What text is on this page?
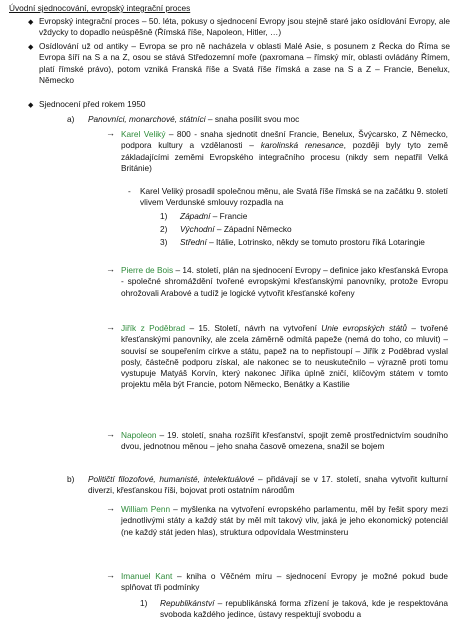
Úvodní sjednocování, evropský integrační proces
◆ Evropský integrační proces – 50. léta, pokusy o sjednocení Evropy jsou stejně staré jako osídlování Evropy, ale vždycky to dopadlo neúspěšně (Římská říše, Napoleon, Hitler, …)
◆ Osídlování už od antiky – Evropa se pro ně nacházela v oblasti Malé Asie, s posunem z Řecka do Říma se Evropa šíří na S a na Z, osou se stává Středozemní moře (paxromana – římský mír, oblasti ovládány Římem, platí římské právo), potom vzniká Franská říše a Svatá říše římská a zase na S a Z – Francie, Benelux, Německo
◆ Sjednocení před rokem 1950
a) Panovníci, monarchové, státníci – snaha posílit svou moc
→ Karel Veliký – 800 - snaha sjednotit dnešní Francie, Benelux, Švýcarsko, Z Německo, podpora kultury a vzdělanosti – karolinská renesance, později byly tyto země základajícími zeměmi Evropského integračního procesu (nikdy sem nepatřil Velká Británie)
- Karel Veliký prosadil společnou měnu, ale Svatá říše římská se na začátku 9. století vlivem Verdunské smlouvy rozpadla na
1) Západní – Francie
2) Východní – Západní Německo
3) Střední – Itálie, Lotrinsko, někdy se tomuto prostoru říká Lotaringie
→ Pierre de Bois – 14. století, plán na sjednocení Evropy – definice jako křesťanská Evropa - společné shromáždění tvořené evropskými křesťanskými panovníky, protože Evropu ohrožovali Arabové a tudíž je logické vytvořit křesťanské kořeny
→ Jiřík z Poděbrad – 15. Století, návrh na vytvoření Unie evropských států – tvořené křesťanskými panovníky, ale zcela záměrně odmítá papeže (nemá do toho, co mluvit) – souvisí se soupeřením církve a státu, papež na to nepřistoupí – Jiřík z Poděbrad vyslal posly, částečně podporu získal, ale nakonec se to neuskutečnilo – výrazně proti tomu vystupuje Matyáš Korvín, který nakonec Jiříka úplně zničí, klíčovým státem v tomto projektu měla být Francie, potom Německo, Benátky a Kastilie
→ Napoleon – 19. století, snaha rozšířit křesťanství, spojit země prostřednictvím soudního dvou, jednotnou měnou – jeho snaha časově omezena, snažil se bojem
b) Političtí filozofové, humanisté, intelektuálové – přidávají se v 17. století, snaha vytvořit kulturní diverzi, křesťanskou říši, bojovat proti ostatním národům
→ William Penn – myšlenka na vytvoření evropského parlamentu, měl by řešit spory mezi jednotlivými státy a každý stát by měl mít takový vliv, jaká je jeho ekonomický potenciál (ne každý stát jeden hlas), struktura odpovídala Westminsteru
→ Imanuel Kant – kniha o Věčném míru – sjednocení Evropy je možné pokud bude splňovat tři podmínky
1) Republikánství – republikánská forma zřízení je taková, kde je respektována svoboda každého jedince, ústavy respektují svobodu a
